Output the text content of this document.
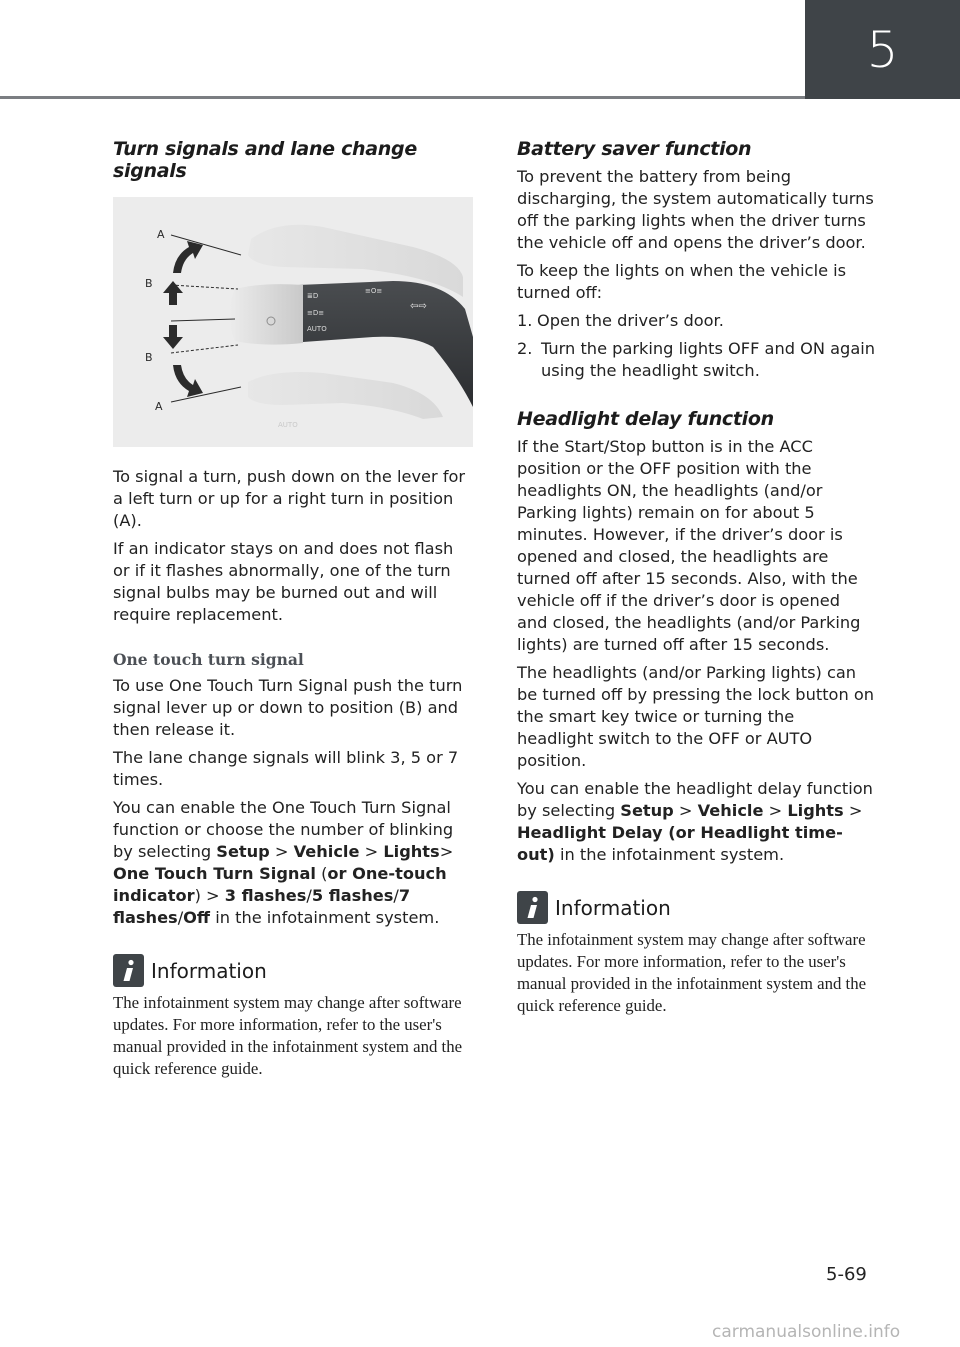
5
Turn signals and lane change signals
≣D
≡D≡
AUTO
≡O≡
⇦⇨
AUTO
A
B
B
A

To signal a turn, push down on the lever for a left turn or up for a right turn in position (A).

If an indicator stays on and does not flash or if it flashes abnormally, one of the turn signal bulbs may be burned out and will require replacement.

One touch turn signal

To use One Touch Turn Signal push the turn signal lever up or down to position (B) and then release it.

The lane change signals will blink 3, 5 or 7 times.

You can enable the One Touch Turn Signal function or choose the number of blinking by selecting Setup > Vehicle > Lights> One Touch Turn Signal (or One-touch indicator) > 3 flashes/5 flashes/7 flashes/Off in the infotainment system.

Information

The infotainment system may change after software updates. For more information, refer to the user's manual provided in the infotainment system and the quick reference guide.

Battery saver function

To prevent the battery from being discharging, the system automatically turns off the parking lights when the driver turns the vehicle off and opens the driver’s door.

To keep the lights on when the vehicle is turned off:

1. Open the driver’s door.
2. Turn the parking lights OFF and ON again using the headlight switch.
Headlight delay function

If the Start/Stop button is in the ACC position or the OFF position with the headlights ON, the headlights (and/or Parking lights) remain on for about 5 minutes. However, if the driver’s door is opened and closed, the headlights are turned off after 15 seconds. Also, with the vehicle off if the driver’s door is opened and closed, the headlights (and/or Parking lights) are turned off after 15 seconds.

The headlights (and/or Parking lights) can be turned off by pressing the lock button on the smart key twice or turning the headlight switch to the OFF or AUTO position.

You can enable the headlight delay function by selecting Setup > Vehicle > Lights > Headlight Delay (or Headlight time-out) in the infotainment system.

Information

The infotainment system may change after software updates. For more information, refer to the user's manual provided in the infotainment system and the quick reference guide.

5-69
carmanualsonline.info
